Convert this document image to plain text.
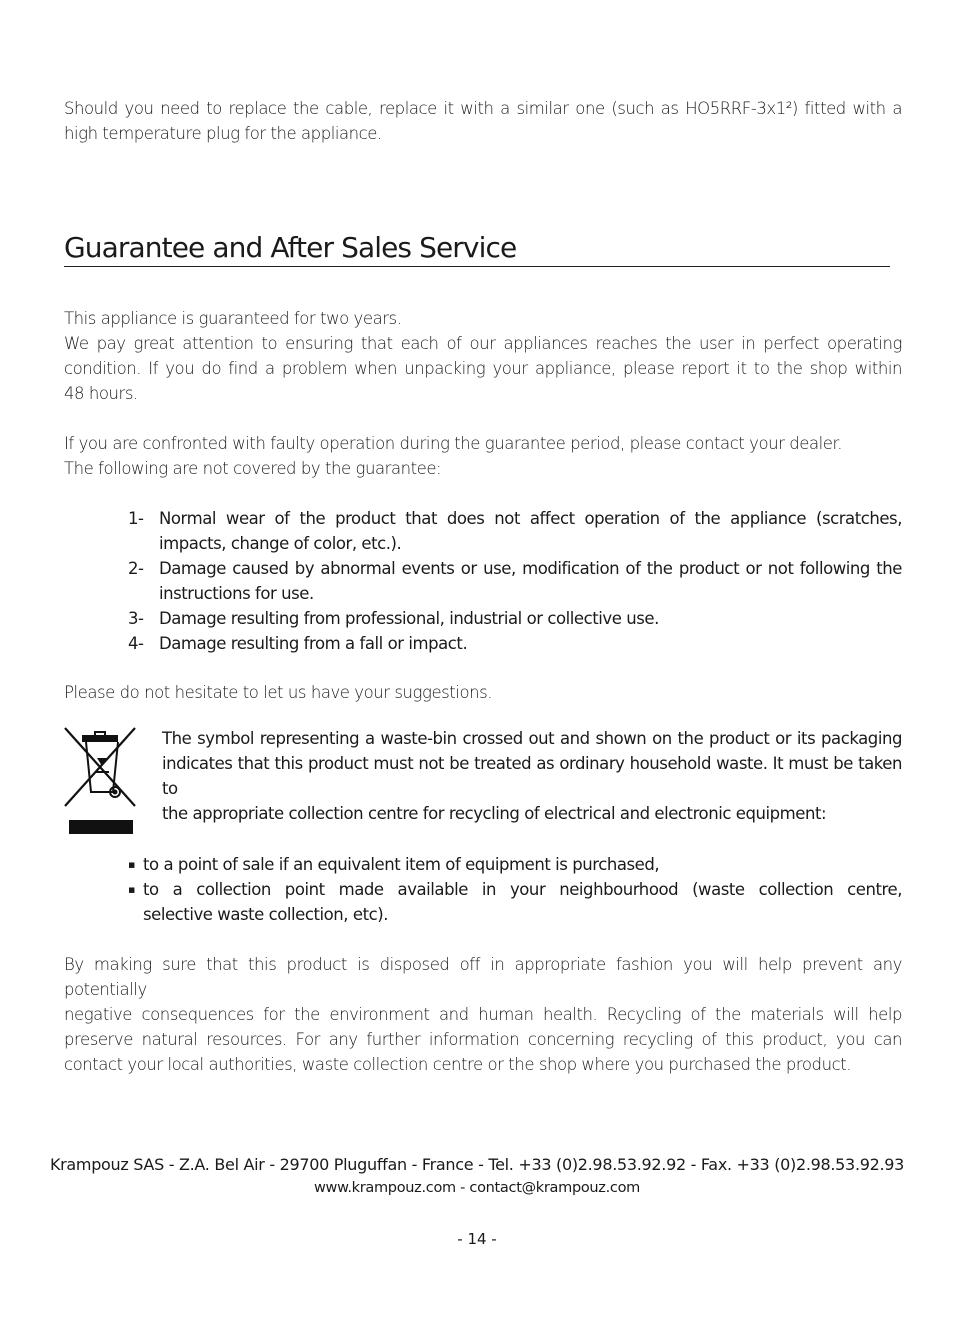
Should you need to replace the cable, replace it with a similar one (such as HO5RRF-3x1²) fitted with a
high temperature plug for the appliance.
Guarantee and After Sales Service
This appliance is guaranteed for two years.
We pay great attention to ensuring that each of our appliances reaches the user in perfect operating
condition. If you do find a problem when unpacking your appliance, please report it to the shop within
48 hours.
If you are confronted with faulty operation during the guarantee period, please contact your dealer.
The following are not covered by the guarantee:
1- Normal wear of the product that does not affect operation of the appliance (scratches,
impacts, change of color, etc.).
2- Damage caused by abnormal events or use, modification of the product or not following the
instructions for use.
3- Damage resulting from professional, industrial or collective use.
4- Damage resulting from a fall or impact.
Please do not hesitate to let us have your suggestions.
The symbol representing a waste-bin crossed out and shown on the product or its packaging
indicates that this product must not be treated as ordinary household waste. It must be taken to
the appropriate collection centre for recycling of electrical and electronic equipment:
▪ to a point of sale if an equivalent item of equipment is purchased,
▪ to a collection point made available in your neighbourhood (waste collection centre,
selective waste collection, etc).
By making sure that this product is disposed off in appropriate fashion you will help prevent any potentially
negative consequences for the environment and human health. Recycling of the materials will help
preserve natural resources. For any further information concerning recycling of this product, you can
contact your local authorities, waste collection centre or the shop where you purchased the product.
Krampouz SAS - Z.A. Bel Air - 29700 Pluguffan - France - Tel. +33 (0)2.98.53.92.92 - Fax. +33 (0)2.98.53.92.93
www.krampouz.com - contact@krampouz.com
- 14 -
